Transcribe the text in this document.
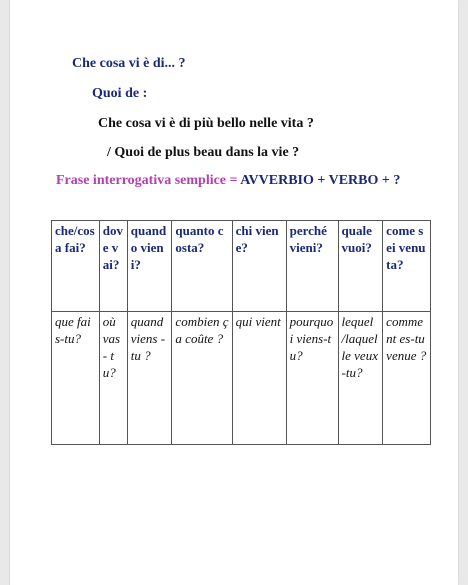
Che cosa vi è di... ?
Quoi de :
Che cosa vi è di più bello nelle vita ?
/ Quoi de plus beau dans la vie ?
Frase interrogativa semplice = AVVERBIO + VERBO + ?
che/cosa fai?	dove vai?	quando vieni?	quanto costa?	chi viene?	perché vieni?	quale vuoi?	come sei venuta?
que fais-tu?	où vas - tu?	quand viens -tu ?	combien ça coûte ?	qui vient	pourquoi viens-tu?	lequel /laquelle veux-tu?	comment es-tu venue ?
